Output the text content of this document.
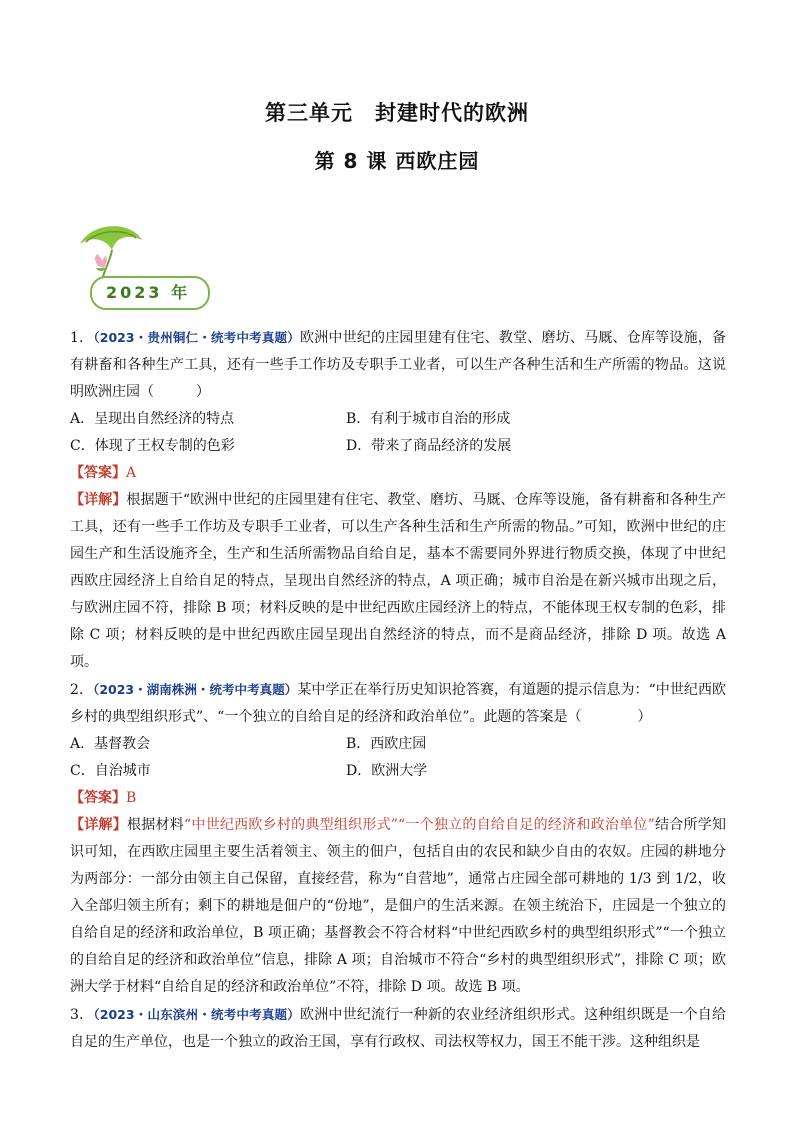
第三单元　封建时代的欧洲
第 8 课 西欧庄园
2023 年

1．（2023・贵州铜仁・统考中考真题）欧洲中世纪的庄园里建有住宅、教堂、磨坊、马厩、仓库等设施，备有耕畜和各种生产工具，还有一些手工作坊及专职手工业者，可以生产各种生活和生产所需的物品。这说明欧洲庄园（　　　）

A．呈现出自然经济的特点	B．有利于城市自治的形成
C．体现了王权专制的色彩	D．带来了商品经济的发展

【答案】A

【详解】根据题干“欧洲中世纪的庄园里建有住宅、教堂、磨坊、马厩、仓库等设施，备有耕畜和各种生产工具，还有一些手工作坊及专职手工业者，可以生产各种生活和生产所需的物品。”可知，欧洲中世纪的庄园生产和生活设施齐全，生产和生活所需物品自给自足，基本不需要同外界进行物质交换，体现了中世纪西欧庄园经济上自给自足的特点，呈现出自然经济的特点，A 项正确；城市自治是在新兴城市出现之后，与欧洲庄园不符，排除 B 项；材料反映的是中世纪西欧庄园经济上的特点，不能体现王权专制的色彩，排除 C 项；材料反映的是中世纪西欧庄园呈现出自然经济的特点，而不是商品经济，排除 D 项。故选 A 项。

2．（2023・湖南株洲・统考中考真题）某中学正在举行历史知识抢答赛，有道题的提示信息为：“中世纪西欧乡村的典型组织形式”、“一个独立的自给自足的经济和政治单位”。此题的答案是（　　　　）

A．基督教会	B．西欧庄园
C．自治城市	D．欧洲大学

【答案】B

【详解】根据材料“中世纪西欧乡村的典型组织形式”“一个独立的自给自足的经济和政治单位”结合所学知识可知，在西欧庄园里主要生活着领主、领主的佃户，包括自由的农民和缺少自由的农奴。庄园的耕地分为两部分：一部分由领主自己保留，直接经营，称为“自营地”，通常占庄园全部可耕地的 1/3 到 1/2，收入全部归领主所有；剩下的耕地是佃户的“份地”，是佃户的生活来源。在领主统治下，庄园是一个独立的自给自足的经济和政治单位，B 项正确；基督教会不符合材料“中世纪西欧乡村的典型组织形式”“一个独立的自给自足的经济和政治单位”信息，排除 A 项；自治城市不符合“乡村的典型组织形式”，排除 C 项；欧洲大学于材料“自给自足的经济和政治单位”不符，排除 D 项。故选 B 项。

3．（2023・山东滨州・统考中考真题）欧洲中世纪流行一种新的农业经济组织形式。这种组织既是一个自给自足的生产单位，也是一个独立的政治王国，享有行政权、司法权等权力，国王不能干涉。这种组织是
